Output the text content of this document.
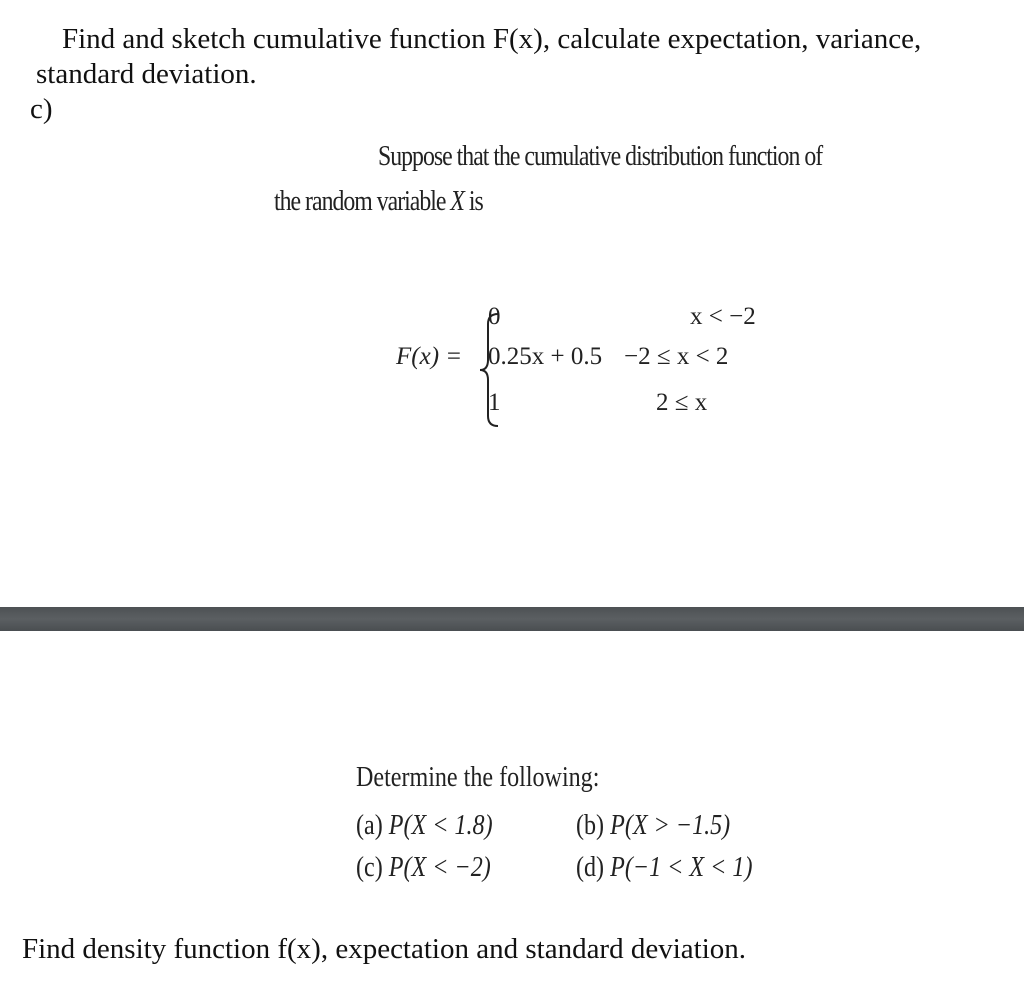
Find and sketch cumulative function F(x), calculate expectation, variance,
standard deviation.
c)
Suppose that the cumulative distribution function of
the random variable X is
F(x) =
0
0.25x + 0.5
1
x < −2
−2 ≤ x < 2
2 ≤ x
Determine the following:
(a) P(X < 1.8)	(b) P(X > −1.5)
(c) P(X < −2)	(d) P(−1 < X < 1)
Find density function f(x), expectation and standard deviation.
